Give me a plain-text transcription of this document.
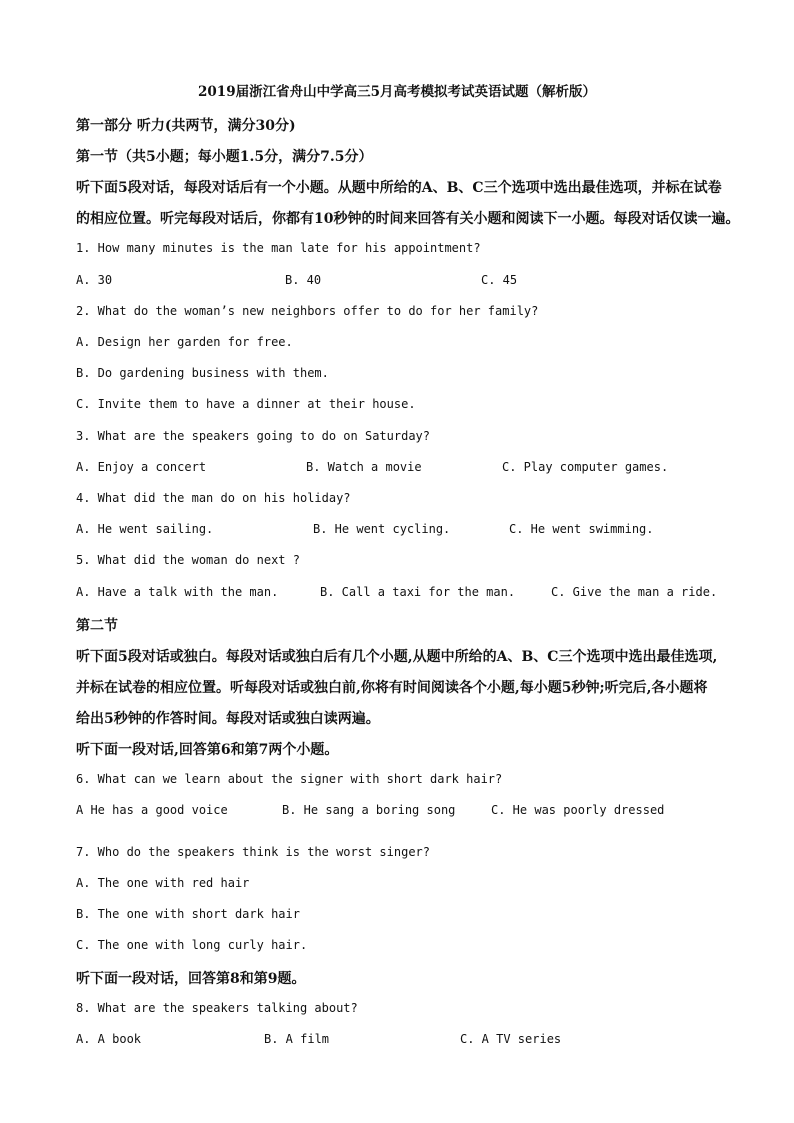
2019届浙江省舟山中学高三5月高考模拟考试英语试题（解析版）
第一部分 听力(共两节，满分30分)
第一节（共5小题；每小题1.5分，满分7.5分）
听下面5段对话，每段对话后有一个小题。从题中所给的A、B、C三个选项中选出最佳选项，并标在试卷
的相应位置。听完每段对话后，你都有10秒钟的时间来回答有关小题和阅读下一小题。每段对话仅读一遍。
1. How many minutes is the man late for his appointment?
A. 30	B. 40	C. 45
2. What do the woman’s new neighbors offer to do for her family?
A. Design her garden for free.
B. Do gardening business with them.
C. Invite them to have a dinner at their house.
3. What are the speakers going to do on Saturday?
A. Enjoy a concert	B. Watch a movie	C. Play computer games.
4. What did the man do on his holiday?
A. He went sailing.	B. He went cycling.	C. He went swimming.
5. What did the woman do next ?
A. Have a talk with the man.	B. Call a taxi for the man.	C. Give the man a ride.
第二节
听下面5段对话或独白。每段对话或独白后有几个小题,从题中所给的A、B、C三个选项中选出最佳选项,
并标在试卷的相应位置。听每段对话或独白前,你将有时间阅读各个小题,每小题5秒钟;听完后,各小题将
给出5秒钟的作答时间。每段对话或独白读两遍。
听下面一段对话,回答第6和第7两个小题。
6. What can we learn about the signer with short dark hair?
A He has a good voice	B. He sang a boring song	C. He was poorly dressed
7. Who do the speakers think is the worst singer?
A. The one with red hair
B. The one with short dark hair
C. The one with long curly hair.
听下面一段对话，回答第8和第9题。
8. What are the speakers talking about?
A. A book	B. A film	C. A TV series
